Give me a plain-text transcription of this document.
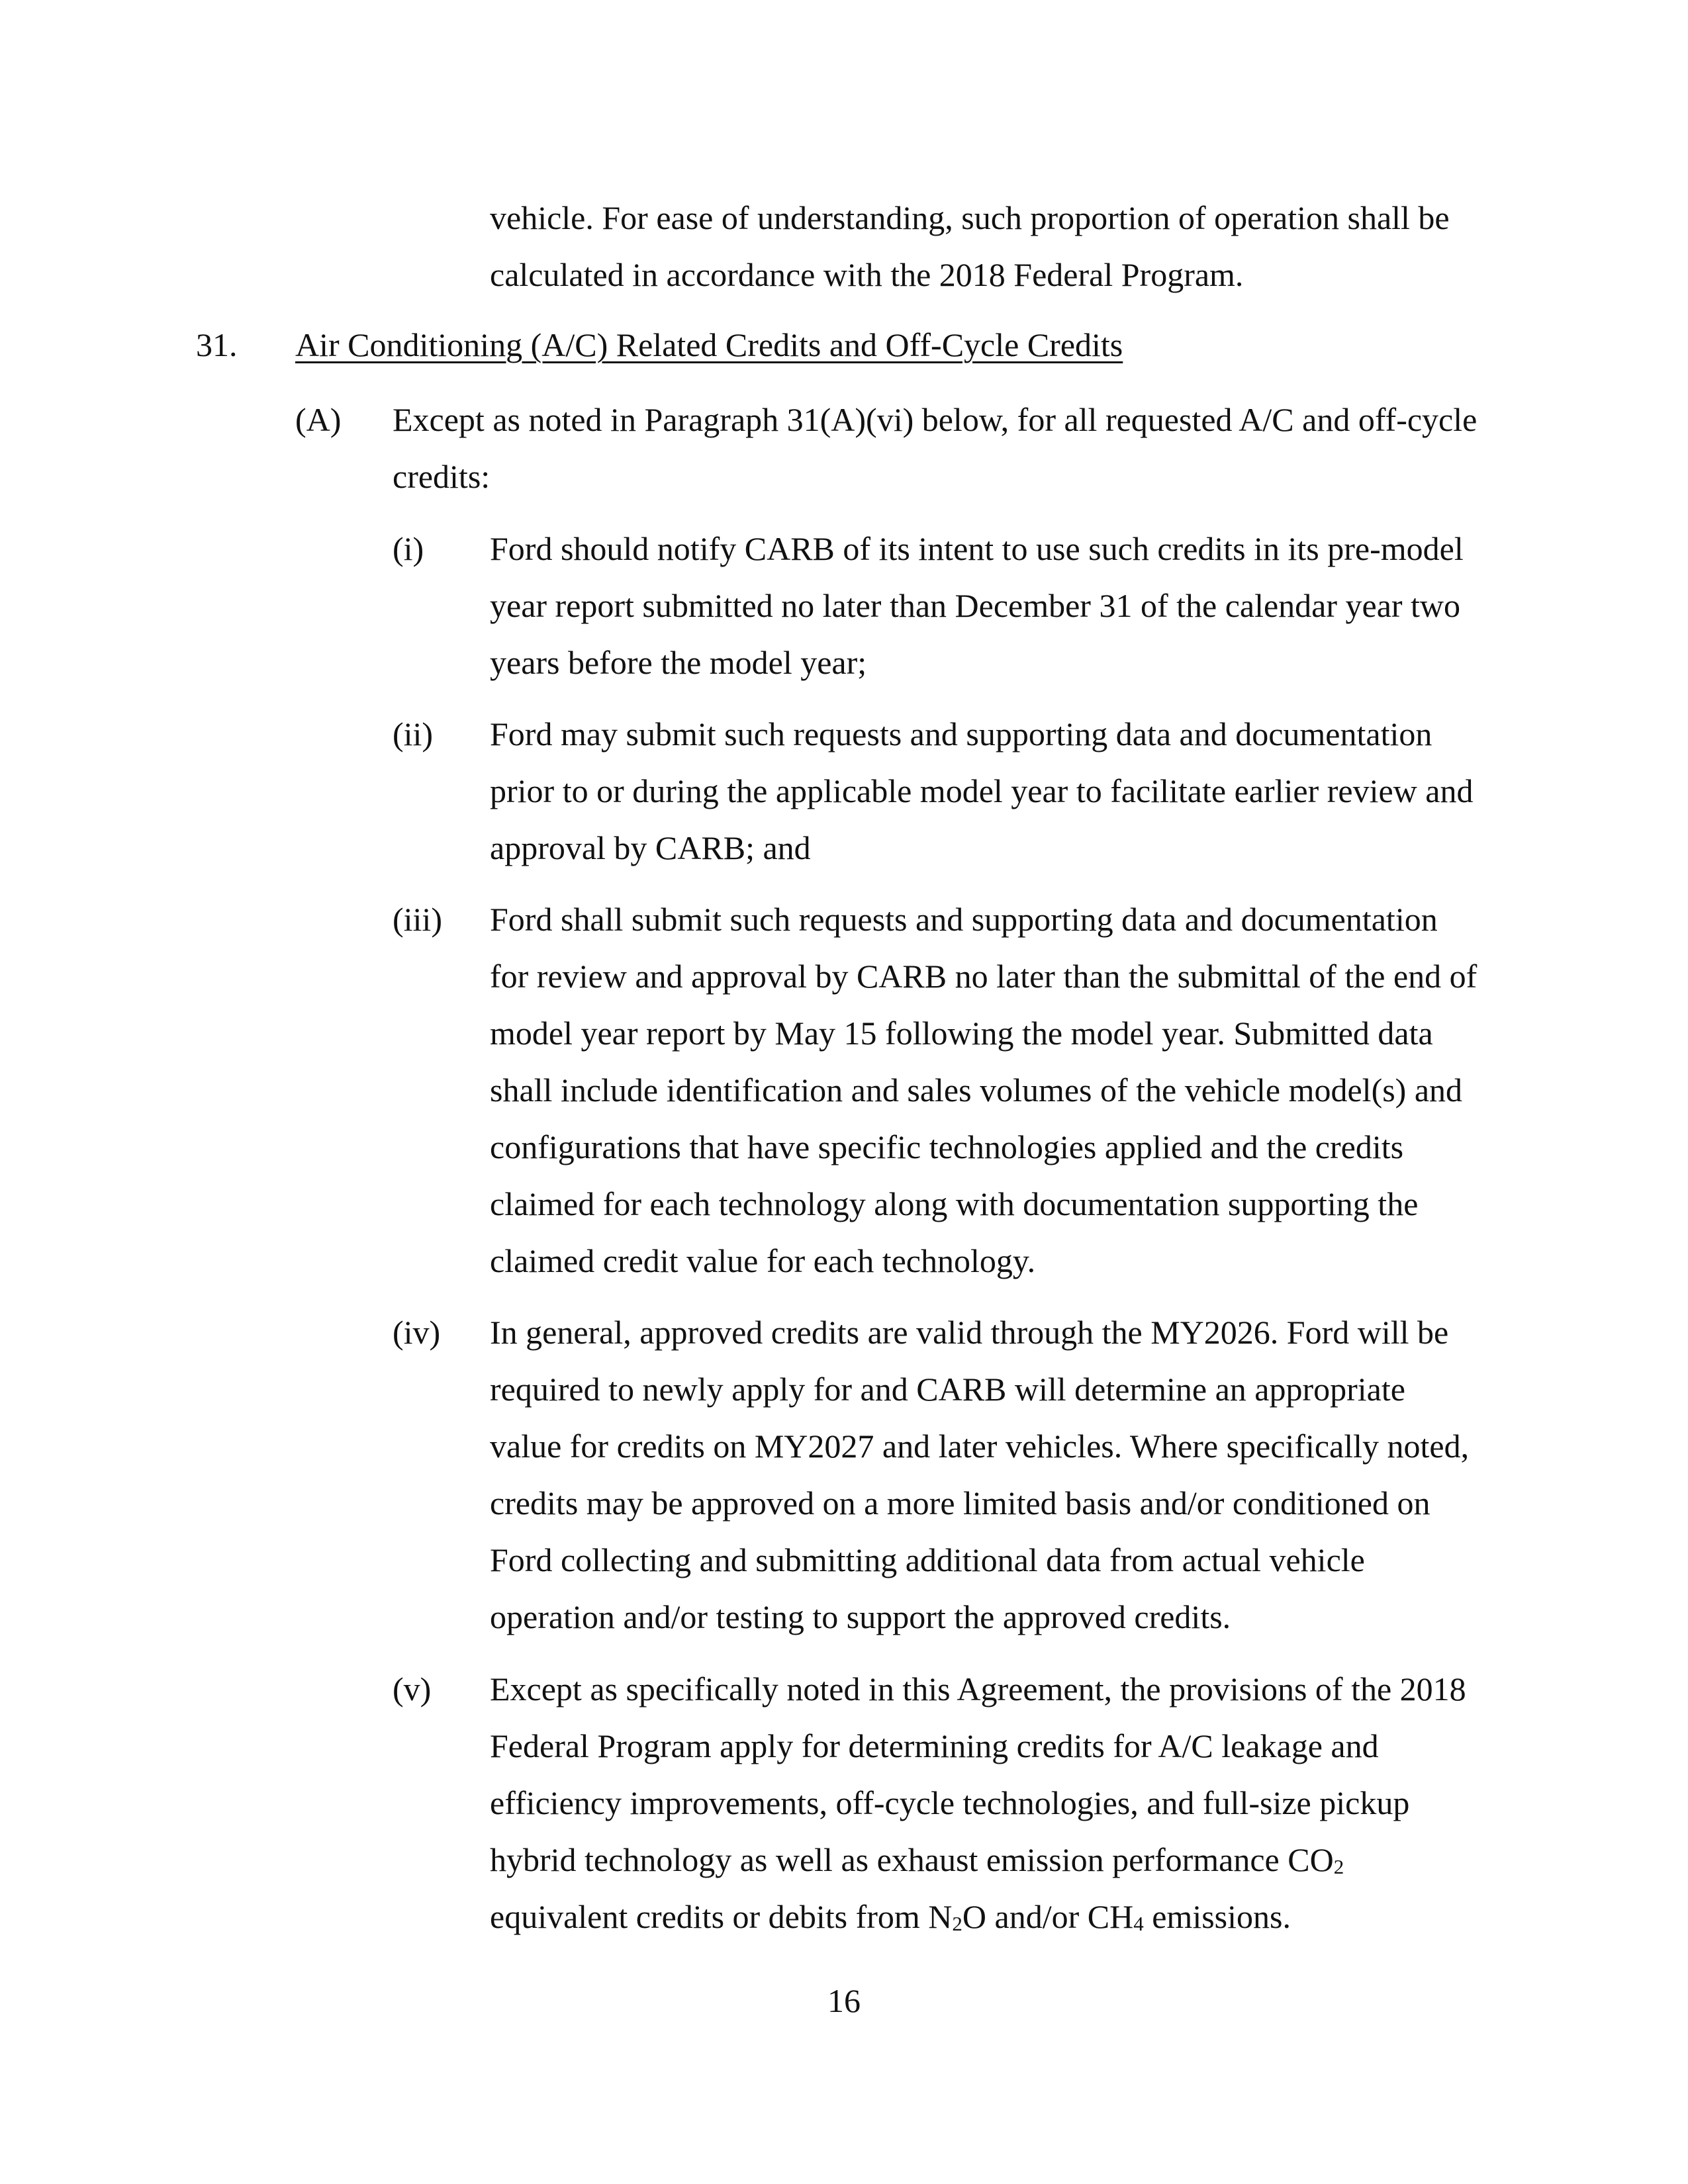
vehicle. For ease of understanding, such proportion of operation shall be
calculated in accordance with the 2018 Federal Program.
31. Air Conditioning (A/C) Related Credits and Off-Cycle Credits
(A) Except as noted in Paragraph 31(A)(vi) below, for all requested A/C and off-cycle
credits:
(i) Ford should notify CARB of its intent to use such credits in its pre-model
year report submitted no later than December 31 of the calendar year two
years before the model year;
(ii) Ford may submit such requests and supporting data and documentation
prior to or during the applicable model year to facilitate earlier review and
approval by CARB; and
(iii) Ford shall submit such requests and supporting data and documentation
for review and approval by CARB no later than the submittal of the end of
model year report by May 15 following the model year. Submitted data
shall include identification and sales volumes of the vehicle model(s) and
configurations that have specific technologies applied and the credits
claimed for each technology along with documentation supporting the
claimed credit value for each technology.
(iv) In general, approved credits are valid through the MY2026. Ford will be
required to newly apply for and CARB will determine an appropriate
value for credits on MY2027 and later vehicles. Where specifically noted,
credits may be approved on a more limited basis and/or conditioned on
Ford collecting and submitting additional data from actual vehicle
operation and/or testing to support the approved credits.
(v) Except as specifically noted in this Agreement, the provisions of the 2018
Federal Program apply for determining credits for A/C leakage and
efficiency improvements, off-cycle technologies, and full-size pickup
hybrid technology as well as exhaust emission performance $CO_2$
equivalent credits or debits from $N_2O$ and/or $CH_4$ emissions.
16
